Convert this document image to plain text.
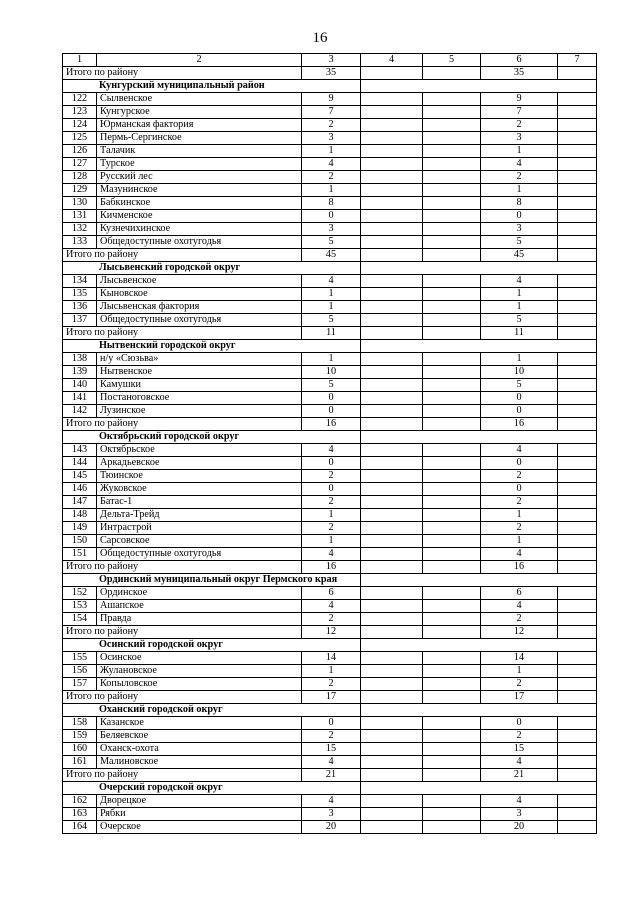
16
1	2	3	4	5	6	7
Итого по району		35			35	
Кунгурский муниципальный район						
122	Сылвенское	9			9	
123	Кунгурское	7			7	
124	Юрманская фактория	2			2	
125	Пермь-Сергинское	3			3	
126	Талачик	1			1	
127	Турское	4			4	
128	Русский лес	2			2	
129	Мазунинское	1			1	
130	Бабкинское	8			8	
131	Кичменское	0			0	
132	Кузнечихинское	3			3	
133	Общедоступные охотугодья	5			5	
Итого по району		45			45	
Лысьвенский городской округ						
134	Лысьвенское	4			4	
135	Кыновское	1			1	
136	Лысьвенская фактория	1			1	
137	Общедоступные охотугодья	5			5	
Итого по району		11			11	
Нытвенский городской округ						
138	н/у «Сюзьва»	1			1	
139	Нытвенское	10			10	
140	Камушки	5			5	
141	Постаноговское	0			0	
142	Лузинское	0			0	
Итого по району		16			16	
Октябрьский городской округ						
143	Октябрьское	4			4	
144	Аркадьевское	0			0	
145	Тюинское	2			2	
146	Жуковское	0			0	
147	Батас-1	2			2	
148	Дельта-Трейд	1			1	
149	Интрастрой	2			2	
150	Сарсовское	1			1	
151	Общедоступные охотугодья	4			4	
Итого по району		16			16	
Ординский муниципальный округ Пермского края						
152	Ординское	6			6	
153	Ашапское	4			4	
154	Правда	2			2	
Итого по району		12			12	
Осинский городской округ						
155	Осинское	14			14	
156	Жулановское	1			1	
157	Копыловское	2			2	
Итого по району		17			17	
Оханский городской округ						
158	Казанское	0			0	
159	Беляевское	2			2	
160	Оханск-охота	15			15	
161	Малиновское	4			4	
Итого по району		21			21	
Очерский городской округ						
162	Дворецкое	4			4	
163	Рябки	3			3	
164	Очерское	20			20	
